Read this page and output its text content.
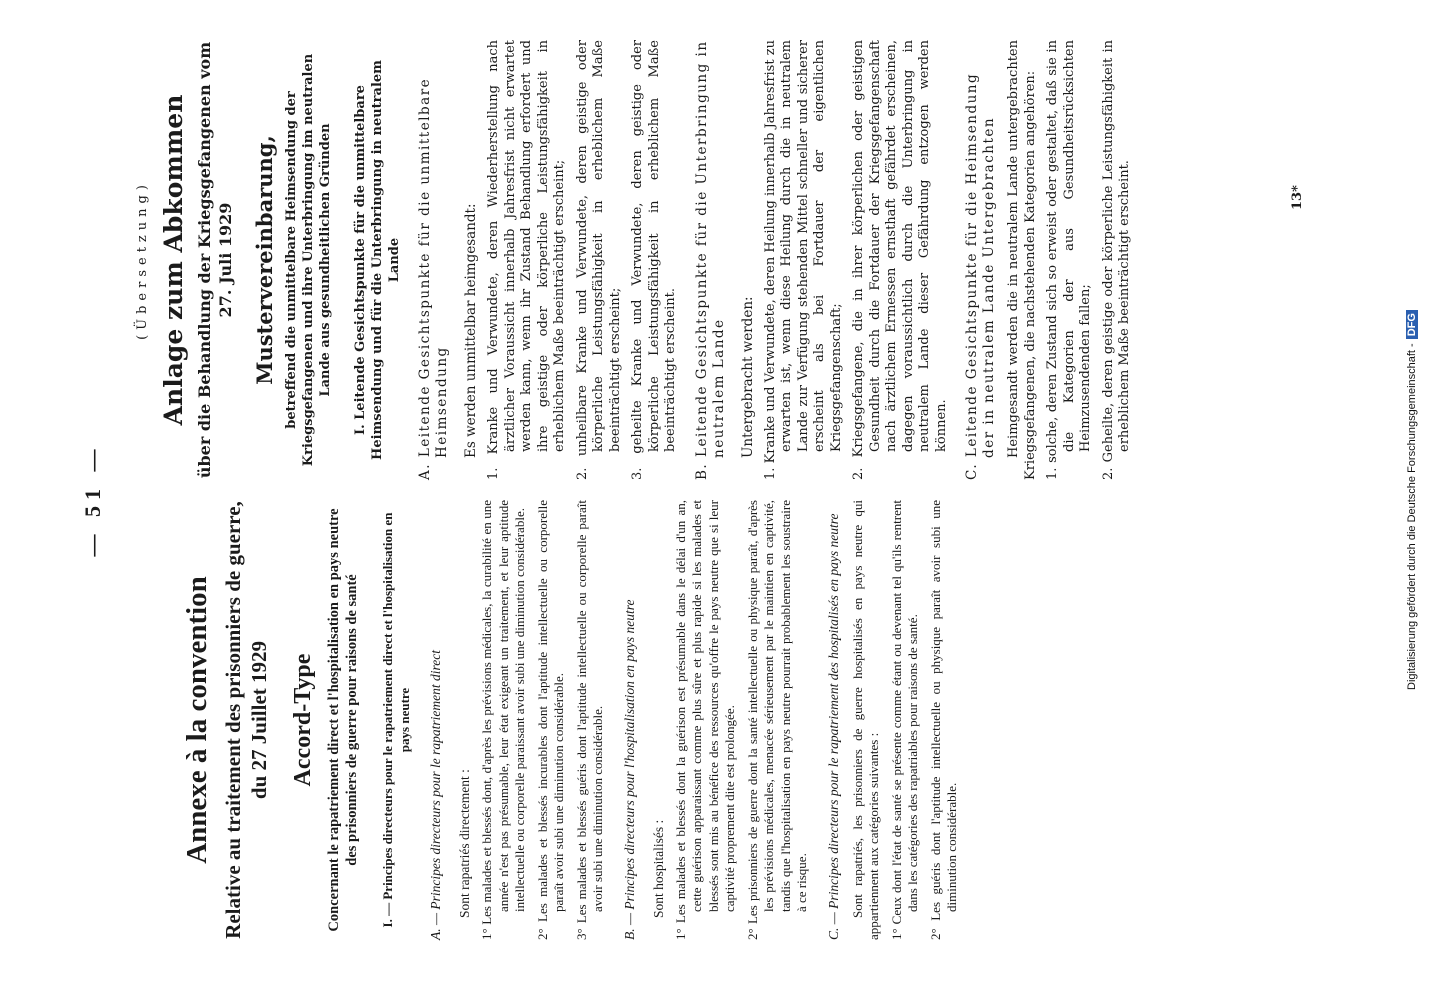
— 51 —
Annexe à la convention Relative au traitement des prisonniers de guerre, du 27 Juillet 1929 Accord-Type Concernant le rapatriement direct et l'hospitalisation en pays neutre des prisonniers de guerre pour raisons de santé I. — Principes directeurs pour le rapatriement direct et l'hospitalisation en pays neutre A. — Principes directeurs pour le rapatriement direct Sont rapatriés directement : 1° Les malades et blessés dont, d'après les prévisions médicales, la curabilité en une année n'est pas présumable, leur état exigeant un traitement, et leur aptitude intellectuelle ou corporelle paraissant avoir subi une diminution considérable. 2° Les malades et blessés incurables dont l'aptitude intellectuelle ou corporelle paraît avoir subi une diminution considérable. 3° Les malades et blessés guéris dont l'aptitude intellectuelle ou corporelle paraît avoir subi une diminution considérable. B. — Principes directeurs pour l'hospitalisation en pays neutre Sont hospitalisés : 1° Les malades et blessés dont la guérison est présumable dans le délai d'un an, cette guérison apparaissant comme plus sûre et plus rapide si les malades et blessés sont mis au bénéfice des ressources qu'offre le pays neutre que si leur captivité proprement dite est prolongée. 2° Les prisonniers de guerre dont la santé intellectuelle ou physique paraît, d'après les prévisions médicales, menacée sérieusement par le maintien en captivité, tandis que l'hospitalisation en pays neutre pourrait probablement les soustraire à ce risque. C. — Principes directeurs pour le rapatriement des hospitalisés en pays neutre Sont rapatriés, les prisonniers de guerre hospitalisés en pays neutre qui appartiennent aux catégories suivantes : 1° Ceux dont l'état de santé se présente comme étant ou devenant tel qu'ils rentrent dans les catégories des rapatriables pour raisons de santé. 2° Les guéris dont l'aptitude intellectuelle ou physique paraît avoir subi une diminution considérable.
(Übersetzung) Anlage zum Abkommen über die Behandlung der Kriegsgefangenen vom 27. Juli 1929 Mustervereinbarung, betreffend die unmittelbare Heimsendung der Kriegsgefangenen und ihre Unterbringung im neutralen Lande aus gesundheitlichen Gründen I. Leitende Gesichtspunkte für die unmittelbare Heimsendung und für die Unterbringung in neutralem Lande A. Leitende Gesichtspunkte für die unmittelbare Heimsendung Es werden unmittelbar heimgesandt: 1. Kranke und Verwundete, deren Wiederherstellung nach ärztlicher Voraussicht innerhalb Jahresfrist nicht erwartet werden kann, wenn ihr Zustand Behandlung erfordert und ihre geistige oder körperliche Leistungsfähigkeit in erheblichem Maße beeinträchtigt erscheint; 2. unheilbare Kranke und Verwundete, deren geistige oder körperliche Leistungsfähigkeit in erheblichem Maße beeinträchtigt erscheint; 3. geheilte Kranke und Verwundete, deren geistige oder körperliche Leistungsfähigkeit in erheblichem Maße beeinträchtigt erscheint. B. Leitende Gesichtspunkte für die Unterbringung in neutralem Lande Untergebracht werden: 1. Kranke und Verwundete, deren Heilung innerhalb Jahresfrist zu erwarten ist, wenn diese Heilung durch die in neutralem Lande zur Verfügung stehenden Mittel schneller und sicherer erscheint als bei Fortdauer der eigentlichen Kriegsgefangenschaft; 2. Kriegsgefangene, die in ihrer körperlichen oder geistigen Gesundheit durch die Fortdauer der Kriegsgefangenschaft nach ärztlichem Ermessen ernsthaft gefährdet erscheinen, dagegen voraussichtlich durch die Unterbringung in neutralem Lande dieser Gefährdung entzogen werden können. C. Leitende Gesichtspunkte für die Heimsendung der in neutralem Lande Untergebrachten Heimgesandt werden die in neutralem Lande untergebrachten Kriegsgefangenen, die nachstehenden Kategorien angehören: 1. solche, deren Zustand sich so erweist oder gestaltet, daß sie in die Kategorien der aus Gesundheitsrücksichten Heimzusendenden fallen; 2. Geheilte, deren geistige oder körperliche Leistungsfähigkeit in erheblichem Maße beeinträchtigt erscheint.	13*
Digitalisierung gefördert durch die Deutsche Forschungsgemeinschaft -DFG
